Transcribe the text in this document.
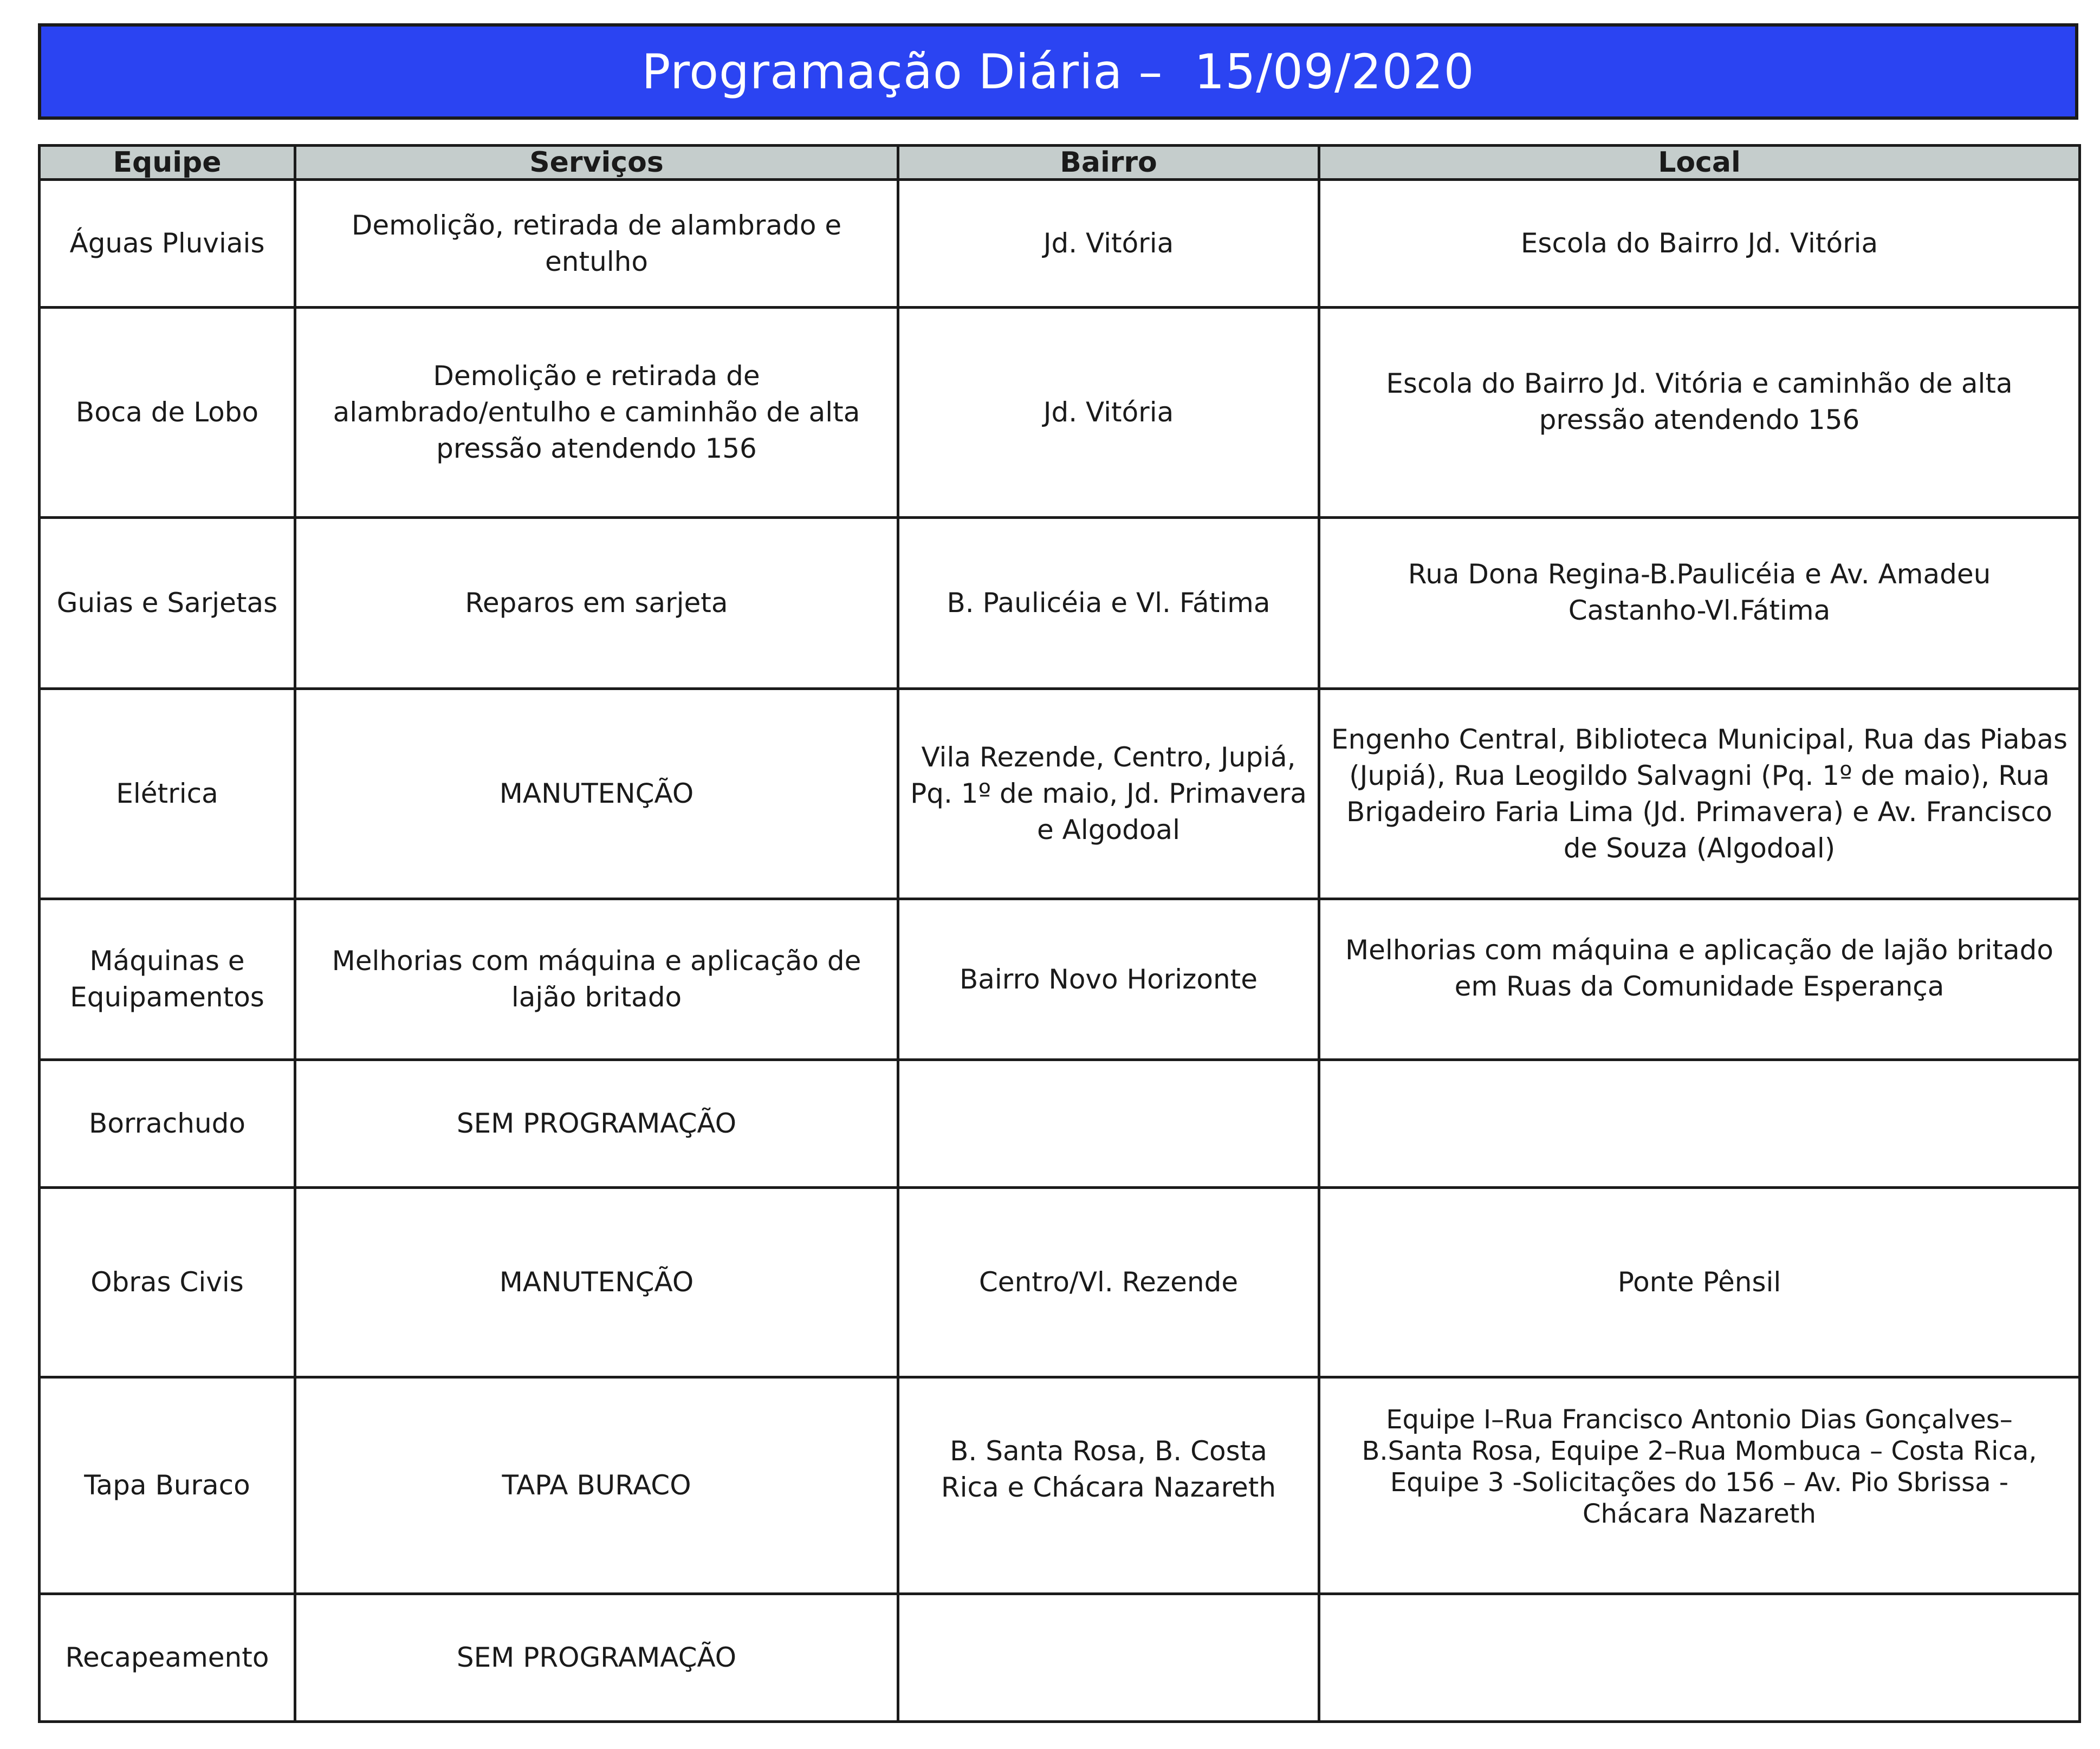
Programação Diária –  15/09/2020
Equipe	Serviços	Bairro	Local
Águas Pluviais	Demolição, retirada de alambrado e entulho	Jd. Vitória	Escola do Bairro Jd. Vitória
Boca de Lobo	Demolição e retirada de alambrado/entulho e caminhão de alta pressão atendendo 156	Jd. Vitória	Escola do Bairro Jd. Vitória e caminhão de alta pressão atendendo 156
Guias e Sarjetas	Reparos em sarjeta	B. Paulicéia e Vl. Fátima	Rua Dona Regina-B.Paulicéia e Av. Amadeu Castanho-Vl.Fátima
Elétrica	MANUTENÇÃO	Vila Rezende, Centro, Jupiá, Pq. 1º de maio, Jd. Primavera e Algodoal	Engenho Central, Biblioteca Municipal, Rua das Piabas (Jupiá), Rua Leogildo Salvagni (Pq. 1º de maio), Rua Brigadeiro Faria Lima (Jd. Primavera) e Av. Francisco de Souza (Algodoal)
Máquinas e Equipamentos	Melhorias com máquina e aplicação de lajão britado	Bairro Novo Horizonte	Melhorias com máquina e aplicação de lajão britado em Ruas da Comunidade Esperança
Borrachudo	SEM PROGRAMAÇÃO		
Obras Civis	MANUTENÇÃO	Centro/Vl. Rezende	Ponte Pênsil
Tapa Buraco	TAPA BURACO	B. Santa Rosa, B. Costa Rica e Chácara Nazareth	Equipe I–Rua Francisco Antonio Dias Gonçalves– B.Santa Rosa, Equipe 2–Rua Mombuca – Costa Rica, Equipe 3 -Solicitações do 156 – Av. Pio Sbrissa -Chácara Nazareth
Recapeamento	SEM PROGRAMAÇÃO		
